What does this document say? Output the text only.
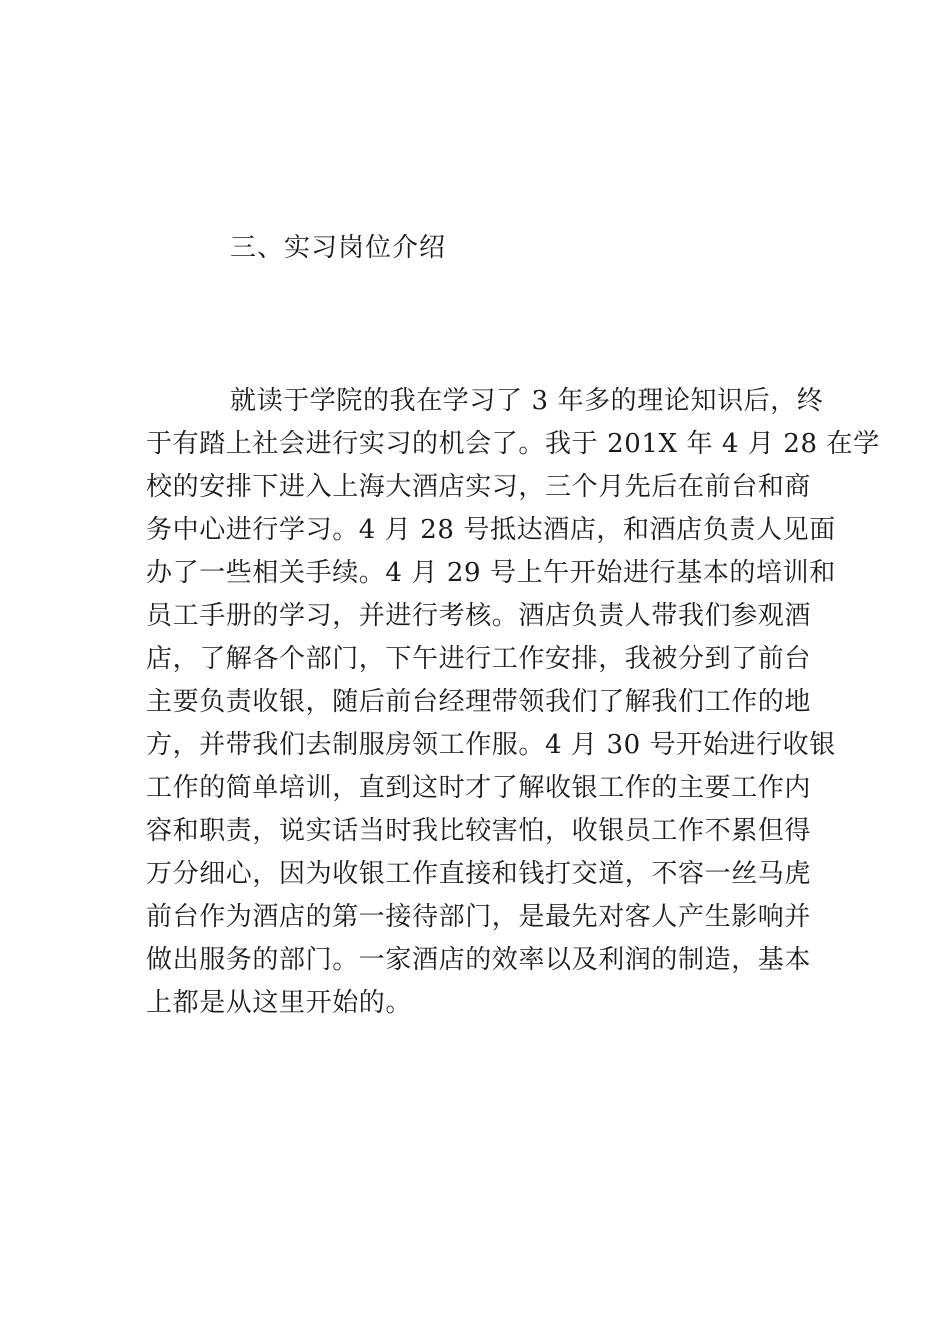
三、实习岗位介绍
就读于学院的我在学习了 3 年多的理论知识后，终
于有踏上社会进行实习的机会了。我于 201X 年 4 月 28 在学
校的安排下进入上海大酒店实习，三个月先后在前台和商
务中心进行学习。4 月 28 号抵达酒店，和酒店负责人见面
办了一些相关手续。4 月 29 号上午开始进行基本的培训和
员工手册的学习，并进行考核。酒店负责人带我们参观酒
店，了解各个部门，下午进行工作安排，我被分到了前台
主要负责收银，随后前台经理带领我们了解我们工作的地
方，并带我们去制服房领工作服。4 月 30 号开始进行收银
工作的简单培训，直到这时才了解收银工作的主要工作内
容和职责，说实话当时我比较害怕，收银员工作不累但得
万分细心，因为收银工作直接和钱打交道，不容一丝马虎
前台作为酒店的第一接待部门，是最先对客人产生影响并
做出服务的部门。一家酒店的效率以及利润的制造，基本
上都是从这里开始的。
